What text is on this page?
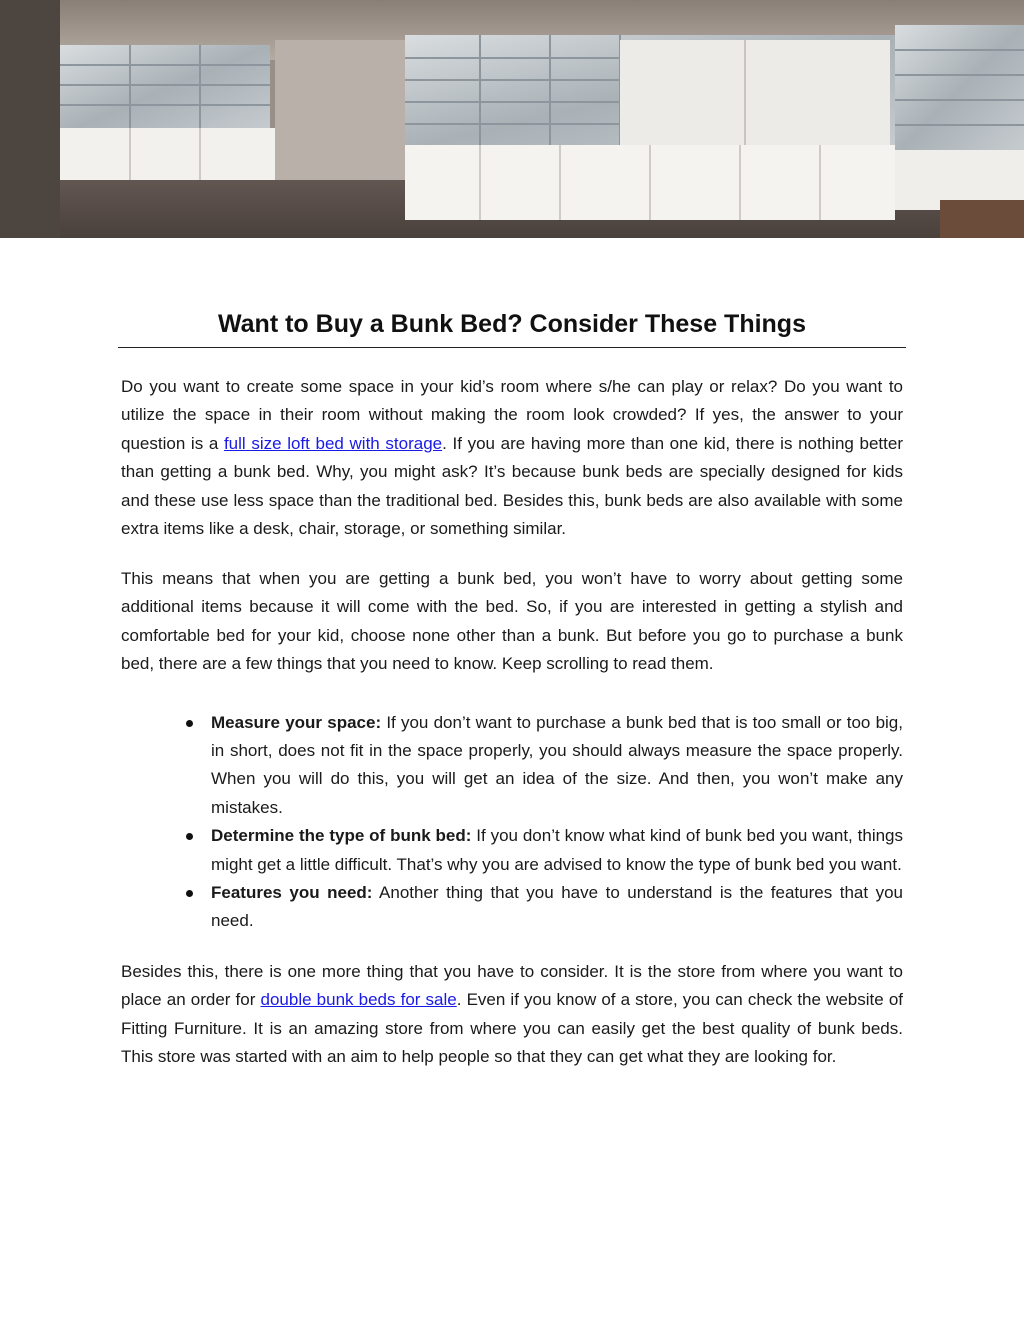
Want to Buy a Bunk Bed? Consider These Things

Do you want to create some space in your kid’s room where s/he can play or relax? Do you want to utilize the space in their room without making the room look crowded? If yes, the answer to your question is a full size loft bed with storage. If you are having more than one kid, there is nothing better than getting a bunk bed. Why, you might ask? It’s because bunk beds are specially designed for kids and these use less space than the traditional bed. Besides this, bunk beds are also available with some extra items like a desk, chair, storage, or something similar.

This means that when you are getting a bunk bed, you won’t have to worry about getting some additional items because it will come with the bed. So, if you are interested in getting a stylish and comfortable bed for your kid, choose none other than a bunk. But before you go to purchase a bunk bed, there are a few things that you need to know. Keep scrolling to read them.

Measure your space: If you don’t want to purchase a bunk bed that is too small or too big, in short, does not fit in the space properly, you should always measure the space properly. When you will do this, you will get an idea of the size. And then, you won’t make any mistakes.
Determine the type of bunk bed: If you don’t know what kind of bunk bed you want, things might get a little difficult. That’s why you are advised to know the type of bunk bed you want.
Features you need: Another thing that you have to understand is the features that you need.

Besides this, there is one more thing that you have to consider. It is the store from where you want to place an order for double bunk beds for sale. Even if you know of a store, you can check the website of Fitting Furniture. It is an amazing store from where you can easily get the best quality of bunk beds. This store was started with an aim to help people so that they can get what they are looking for.
